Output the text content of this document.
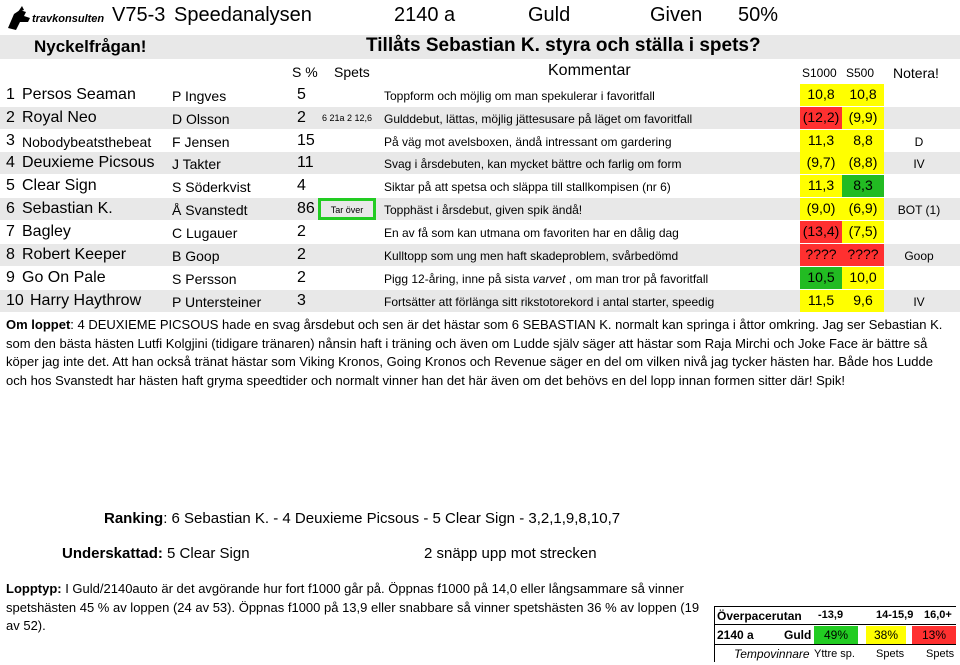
travkonsulten V75-3 Speedanalysen	2140 a	Guld	Given 50%
Nyckelfrågan!	Tillåts Sebastian K. styra och ställa i spets?
S % Spets	Kommentar	S1000 S500 Notera!
1 Persos Seaman	P Ingves	5	Toppform och möjlig om man spekulerar i favoritfall	10,8	10,8
2 Royal Neo	D Olsson	2	6 21a 2 12,6 Gulddebut, lättas, möjlig jättesusare på läget om favoritfall	(12,2) (9,9)
3 Nobodybeatsthebeat F Jensen	15	På väg mot avelsboxen, ändå intressant om gardering	11,3	8,8	D
4 Deuxieme Picsous J Takter	11	Svag i årsdebuten, kan mycket bättre och farlig om form	(9,7) (8,8)	IV
5 Clear Sign	S Söderkvist	4	Siktar på att spetsa och släppa till stallkompisen (nr 6)	11,3	8,3
6 Sebastian K.	Å Svanstedt	86	Tar över	Topphäst i årsdebut, given spik ändå!	(9,0) (6,9)	BOT (1)
7 Bagley	C Lugauer	2	En av få som kan utmana om favoriten har en dålig dag	(13,4) (7,5)
8 Robert Keeper	B Goop	2	Kulltopp som ung men haft skadeproblem, svårbedömd	???? ????	Goop
9 Go On Pale	S Persson	2	Pigg 12-åring, inne på sista varvet , om man tror på favoritfall	10,5	10,0
10 Harry Haythrow P Untersteiner 3	Fortsätter att förlänga sitt rikstotorekord i antal starter, speedig	11,5	9,6	IV
Om loppet: 4 DEUXIEME PICSOUS hade en svag årsdebut och sen är det hästar som 6 SEBASTIAN K. normalt kan springa i åttor omkring. Jag ser Sebastian K. som den bästa hästen Lutfi Kolgjini (tidigare tränaren) nånsin haft i träning och även om Ludde själv säger att hästar som Raja Mirchi och Joke Face är bättre så köper jag inte det. Att han också tränat hästar som Viking Kronos, Going Kronos och Revenue säger en del om vilken nivå jag tycker hästen har. Både hos Ludde och hos Svanstedt har hästen haft gryma speedtider och normalt vinner han det här även om det behövs en del lopp innan formen sitter där! Spik!
Ranking: 6 Sebastian K. - 4 Deuxieme Picsous - 5 Clear Sign - 3,2,1,9,8,10,7
Underskattad: 5 Clear Sign	2 snäpp upp mot strecken
Lopptyp: I Guld/2140auto är det avgörande hur fort f1000 går på. Öppnas f1000 på 14,0 eller långsammare så vinner spetshästen 45 % av loppen (24 av 53). Öppnas f1000 på 13,9 eller snabbare så vinner spetshästen 36 % av loppen (19 av 52).
Överpacerutan -13,9	14-15,9 16,0+
2140 a	Guld	49%	38%	13%
Tempovinnare Yttre sp. Spets Spets
